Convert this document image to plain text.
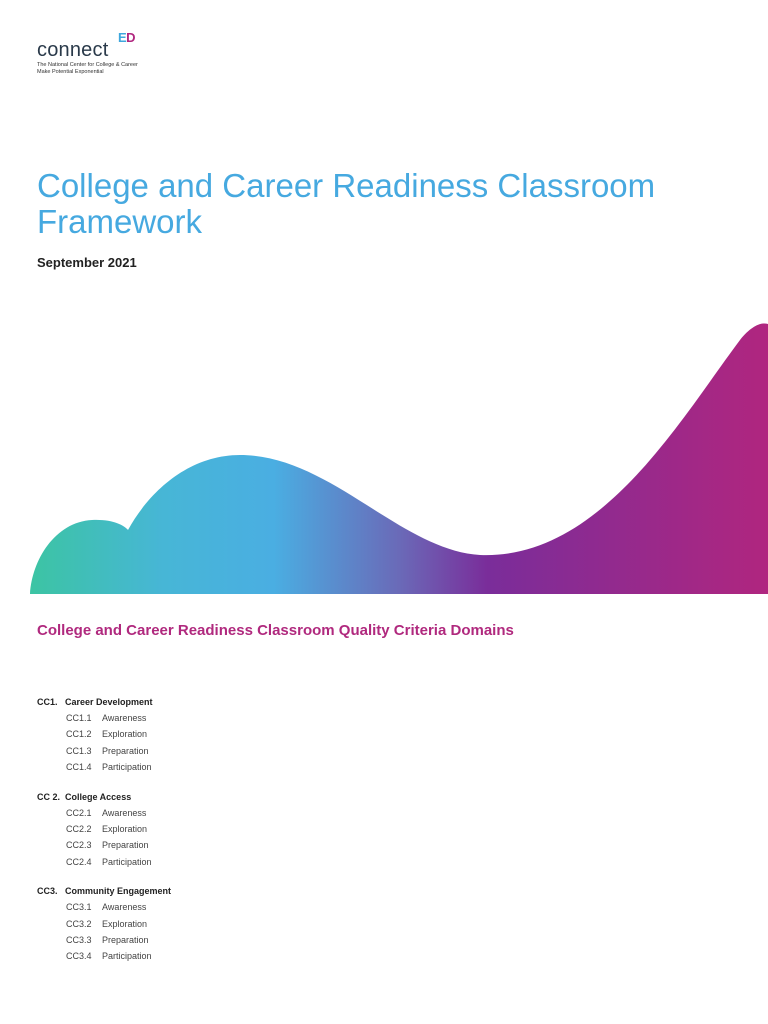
connect
ED
The National Center for College & Career
Make Potential Exponential
College and Career Readiness Classroom
Framework
September 2021
College and Career Readiness Classroom Quality Criteria Domains
CC1. Career Development
CC1.1	Awareness
CC1.2	Exploration
CC1.3	Preparation
CC1.4	Participation
CC 2. College Access
CC2.1	Awareness
CC2.2	Exploration
CC2.3	Preparation
CC2.4	Participation
CC3. Community Engagement
CC3.1	Awareness
CC3.2	Exploration
CC3.3	Preparation
CC3.4	Participation
